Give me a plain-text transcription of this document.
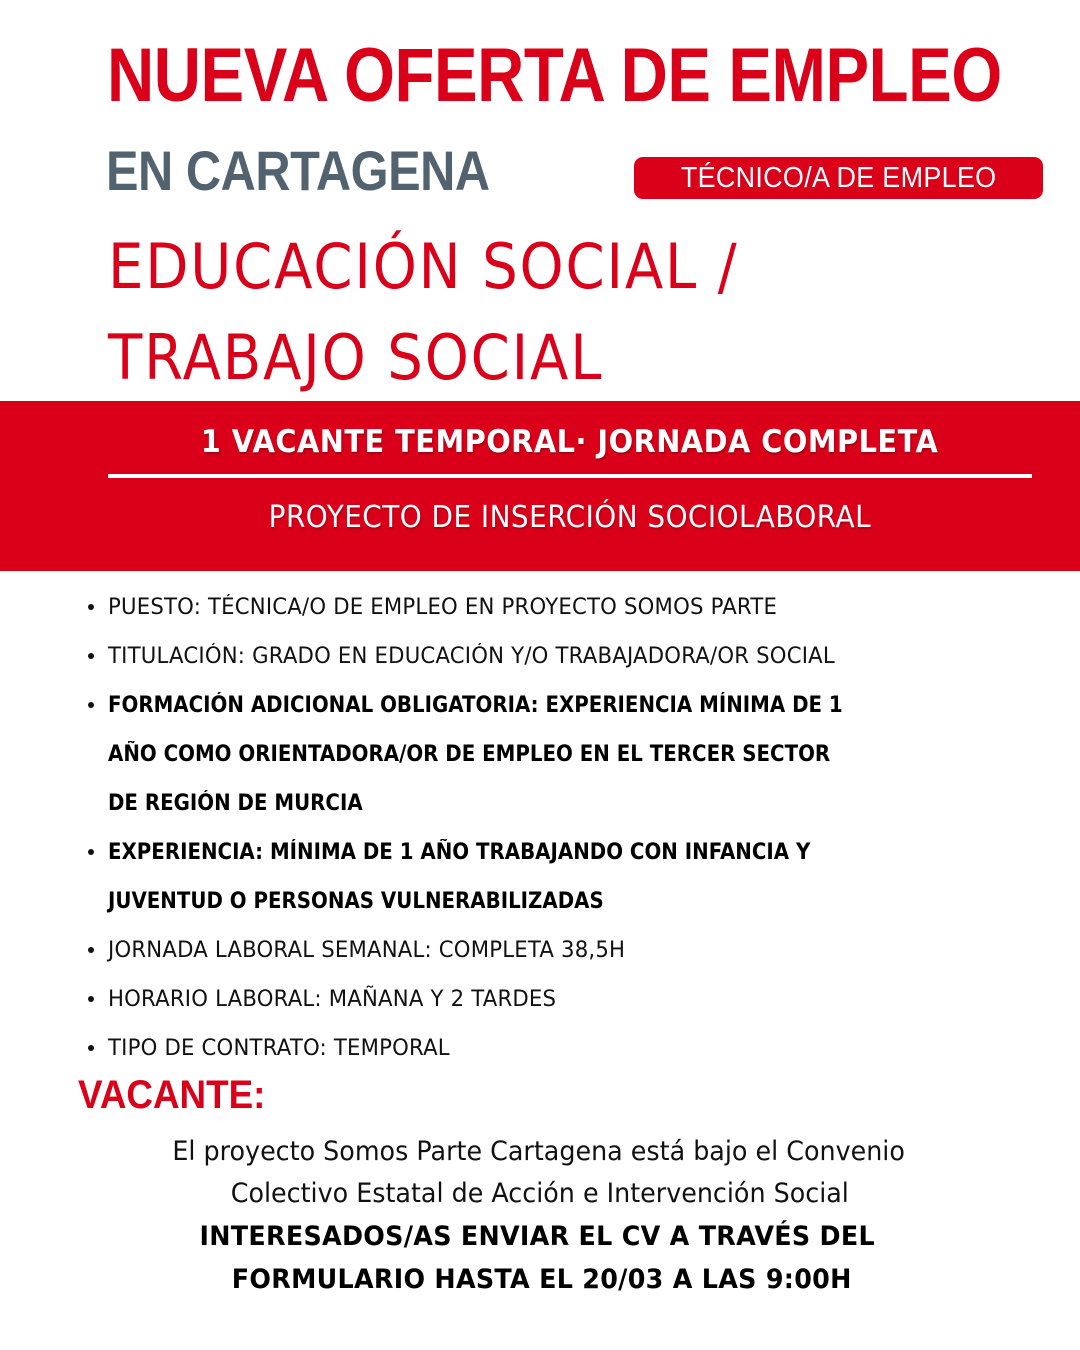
NUEVA OFERTA DE EMPLEO
EN CARTAGENA	TÉCNICO/A DE EMPLEO
EDUCACIÓN SOCIAL /
TRABAJO SOCIAL
1 VACANTE TEMPORAL· JORNADA COMPLETA
PROYECTO DE INSERCIÓN SOCIOLABORAL
PUESTO: TÉCNICA/O DE EMPLEO EN PROYECTO SOMOS PARTE
TITULACIÓN: GRADO EN EDUCACIÓN Y/O TRABAJADORA/OR SOCIAL
FORMACIÓN ADICIONAL OBLIGATORIA: EXPERIENCIA MÍNIMA DE 1
AÑO COMO ORIENTADORA/OR DE EMPLEO EN EL TERCER SECTOR
DE REGIÓN DE MURCIA
EXPERIENCIA: MÍNIMA DE 1 AÑO TRABAJANDO CON INFANCIA Y
JUVENTUD O PERSONAS VULNERABILIZADAS
JORNADA LABORAL SEMANAL: COMPLETA 38,5H
HORARIO LABORAL: MAÑANA Y 2 TARDES
TIPO DE CONTRATO: TEMPORAL
VACANTE:
El proyecto Somos Parte Cartagena está bajo el Convenio
Colectivo Estatal de Acción e Intervención Social
INTERESADOS/AS ENVIAR EL CV A TRAVÉS DEL
FORMULARIO HASTA EL 20/03 A LAS 9:00H
